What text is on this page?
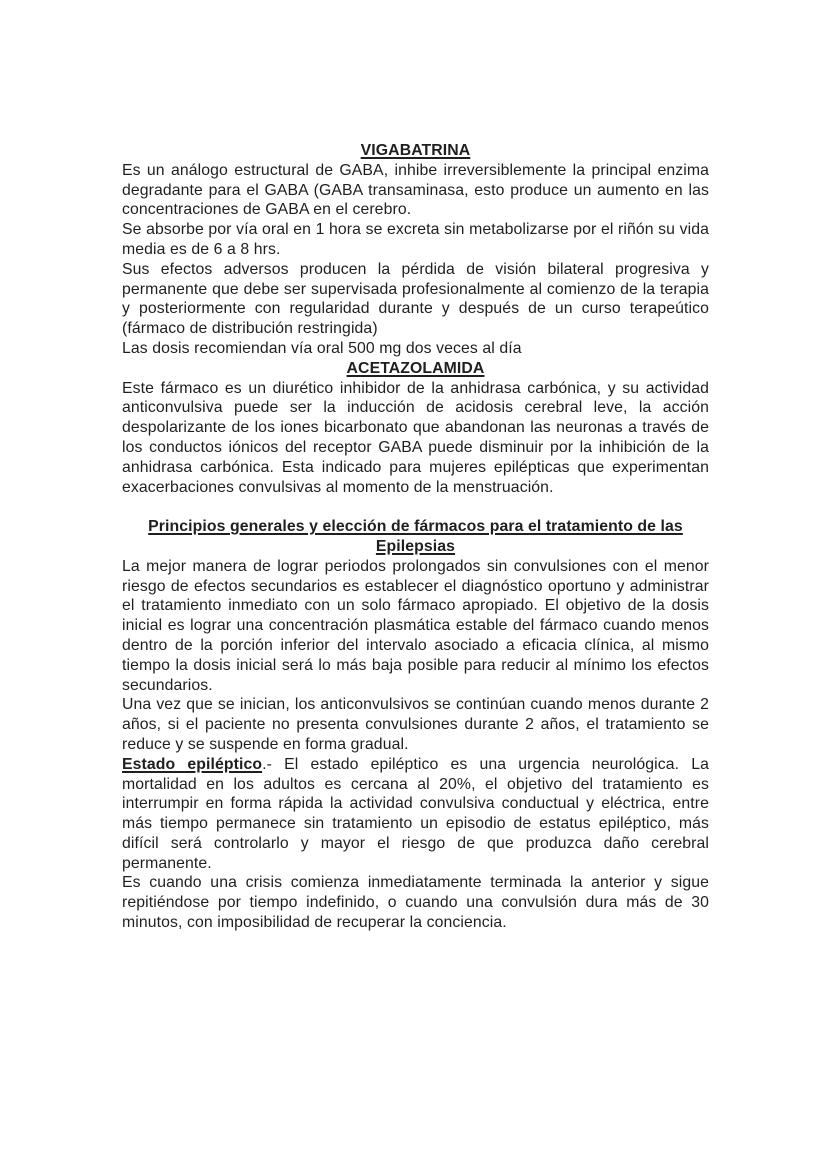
VIGABATRINA

Es un análogo estructural de GABA, inhibe irreversiblemente la principal enzima degradante para el GABA (GABA transaminasa, esto produce un aumento en las concentraciones de GABA en el cerebro.

Se absorbe por vía oral en 1 hora se excreta sin metabolizarse por el riñón su vida media es de 6 a 8 hrs.

Sus efectos adversos producen la pérdida de visión bilateral progresiva y permanente que debe ser supervisada profesionalmente al comienzo de la terapia y posteriormente con regularidad durante y después de un curso terapeútico (fármaco de distribución restringida)

Las dosis recomiendan vía oral 500 mg dos veces al día

ACETAZOLAMIDA

Este fármaco es un diurético inhibidor de la anhidrasa carbónica, y su actividad anticonvulsiva puede ser la inducción de acidosis cerebral leve, la acción despolarizante de los iones bicarbonato que abandonan las neuronas a través de los conductos iónicos del receptor GABA puede disminuir por la inhibición de la anhidrasa carbónica. Esta indicado para mujeres epilépticas que experimentan exacerbaciones convulsivas al momento de la menstruación.

Principios generales y elección de fármacos para el tratamiento de las
Epilepsias

La mejor manera de lograr periodos prolongados sin convulsiones con el menor riesgo de efectos secundarios es establecer el diagnóstico oportuno y administrar el tratamiento inmediato con un solo fármaco apropiado. El objetivo de la dosis inicial es lograr una concentración plasmática estable del fármaco cuando menos dentro de la porción inferior del intervalo asociado a eficacia clínica, al mismo tiempo la dosis inicial será lo más baja posible para reducir al mínimo los efectos secundarios.

Una vez que se inician, los anticonvulsivos se continúan cuando menos durante 2 años, si el paciente no presenta convulsiones durante 2 años, el tratamiento se reduce y se suspende en forma gradual.

Estado epiléptico.- El estado epiléptico es una urgencia neurológica. La mortalidad en los adultos es cercana al 20%, el objetivo del tratamiento es interrumpir en forma rápida la actividad convulsiva conductual y eléctrica, entre más tiempo permanece sin tratamiento un episodio de estatus epiléptico, más difícil será controlarlo y mayor el riesgo de que produzca daño cerebral permanente.

Es cuando una crisis comienza inmediatamente terminada la anterior y sigue repitiéndose por tiempo indefinido, o cuando una convulsión dura más de 30 minutos, con imposibilidad de recuperar la conciencia.
